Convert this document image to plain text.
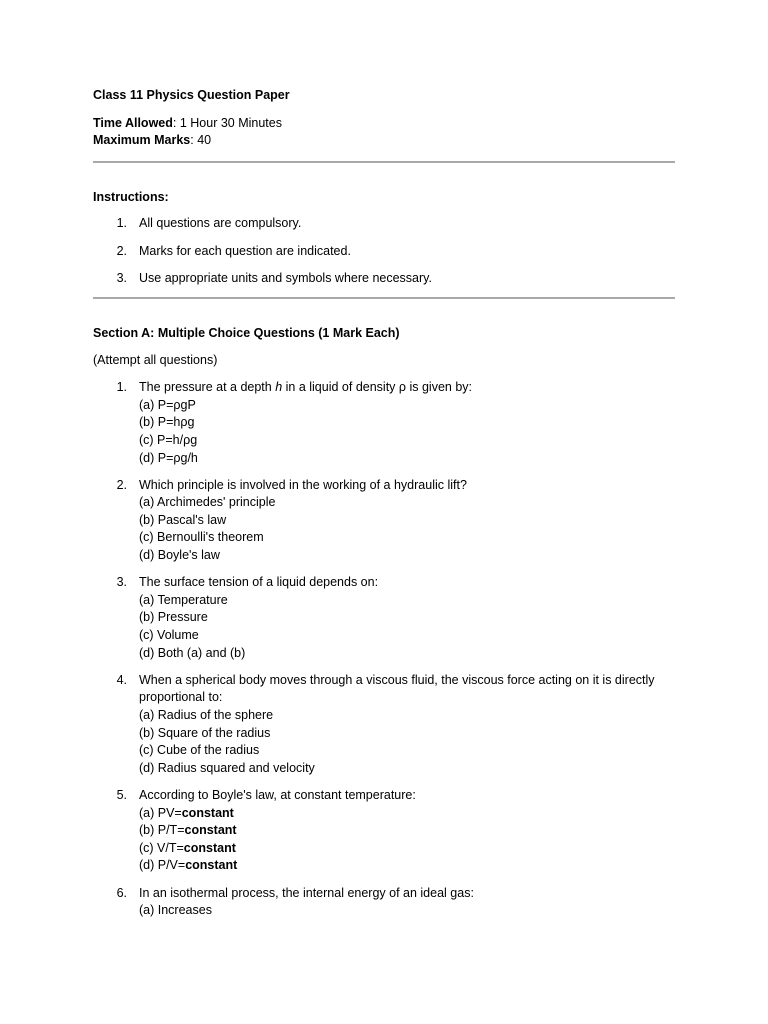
Class 11 Physics Question Paper

Time Allowed: 1 Hour 30 Minutes

Maximum Marks: 40

Instructions:
1. All questions are compulsory.
2. Marks for each question are indicated.
3. Use appropriate units and symbols where necessary.
Section A: Multiple Choice Questions (1 Mark Each)

(Attempt all questions)

1. The pressure at a depth h in a liquid of density ρ is given by:
(a) P=ρgP
(b) P=hρg
(c) P=h/ρg
(d) P=ρg/h
2. Which principle is involved in the working of a hydraulic lift?
(a) Archimedes' principle
(b) Pascal's law
(c) Bernoulli's theorem
(d) Boyle's law
3. The surface tension of a liquid depends on:
(a) Temperature
(b) Pressure
(c) Volume
(d) Both (a) and (b)
4. When a spherical body moves through a viscous fluid, the viscous force acting on it is directly proportional to:
(a) Radius of the sphere
(b) Square of the radius
(c) Cube of the radius
(d) Radius squared and velocity
5. According to Boyle's law, at constant temperature:
(a) PV=constant
(b) P/T=constant
(c) V/T=constant
(d) P/V=constant
6. In an isothermal process, the internal energy of an ideal gas:
(a) Increases
